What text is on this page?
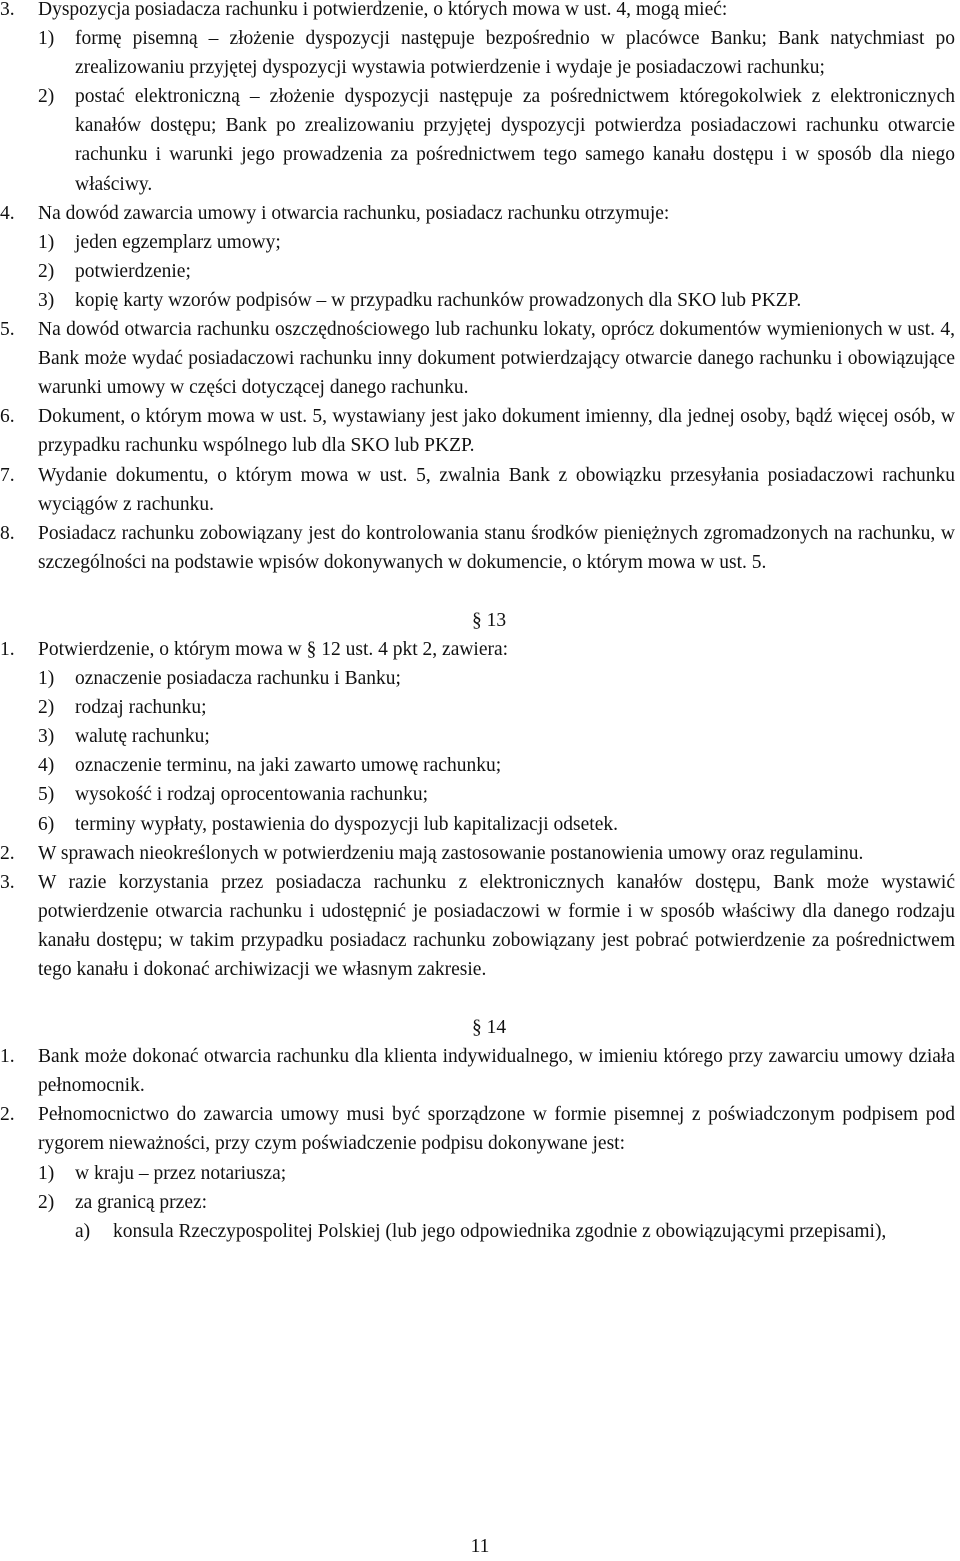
3. Dyspozycja posiadacza rachunku i potwierdzenie, o których mowa w ust. 4, mogą mieć:
1) formę pisemną – złożenie dyspozycji następuje bezpośrednio w placówce Banku; Bank natychmiast po zrealizowaniu przyjętej dyspozycji wystawia potwierdzenie i wydaje je posiadaczowi rachunku;
2) postać elektroniczną – złożenie dyspozycji następuje za pośrednictwem któregokolwiek z elektronicznych kanałów dostępu; Bank po zrealizowaniu przyjętej dyspozycji potwierdza posiadaczowi rachunku otwarcie rachunku i warunki jego prowadzenia za pośrednictwem tego samego kanału dostępu i w sposób dla niego właściwy.
4. Na dowód zawarcia umowy i otwarcia rachunku, posiadacz rachunku otrzymuje:
1) jeden egzemplarz umowy;
2) potwierdzenie;
3) kopię karty wzorów podpisów – w przypadku rachunków prowadzonych dla SKO lub PKZP.
5. Na dowód otwarcia rachunku oszczędnościowego lub rachunku lokaty, oprócz dokumentów wymienionych w ust. 4, Bank może wydać posiadaczowi rachunku inny dokument potwierdzający otwarcie danego rachunku i obowiązujące warunki umowy w części dotyczącej danego rachunku.
6. Dokument, o którym mowa w ust. 5, wystawiany jest jako dokument imienny, dla jednej osoby, bądź więcej osób, w przypadku rachunku wspólnego lub dla SKO lub PKZP.
7. Wydanie dokumentu, o którym mowa w ust. 5, zwalnia Bank z obowiązku przesyłania posiadaczowi rachunku wyciągów z rachunku.
8. Posiadacz rachunku zobowiązany jest do kontrolowania stanu środków pieniężnych zgromadzonych na rachunku, w szczególności na podstawie wpisów dokonywanych w dokumencie, o którym mowa w ust. 5.
§ 13
1. Potwierdzenie, o którym mowa w § 12 ust. 4 pkt 2, zawiera:
1) oznaczenie posiadacza rachunku i Banku;
2) rodzaj rachunku;
3) walutę rachunku;
4) oznaczenie terminu, na jaki zawarto umowę rachunku;
5) wysokość i rodzaj oprocentowania rachunku;
6) terminy wypłaty, postawienia do dyspozycji lub kapitalizacji odsetek.
2. W sprawach nieokreślonych w potwierdzeniu mają zastosowanie postanowienia umowy oraz regulaminu.
3. W razie korzystania przez posiadacza rachunku z elektronicznych kanałów dostępu, Bank może wystawić potwierdzenie otwarcia rachunku i udostępnić je posiadaczowi w formie i w sposób właściwy dla danego rodzaju kanału dostępu; w takim przypadku posiadacz rachunku zobowiązany jest pobrać potwierdzenie za pośrednictwem tego kanału i dokonać archiwizacji we własnym zakresie.
§ 14
1. Bank może dokonać otwarcia rachunku dla klienta indywidualnego, w imieniu którego przy zawarciu umowy działa pełnomocnik.
2. Pełnomocnictwo do zawarcia umowy musi być sporządzone w formie pisemnej z poświadczonym podpisem pod rygorem nieważności, przy czym poświadczenie podpisu dokonywane jest:
1) w kraju – przez notariusza;
2) za granicą przez:
a) konsula Rzeczypospolitej Polskiej (lub jego odpowiednika zgodnie z obowiązującymi przepisami),
11
